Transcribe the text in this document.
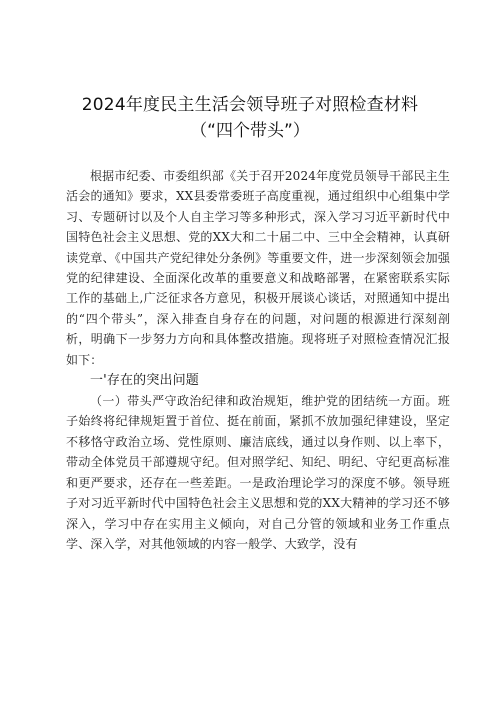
2024年度民主生活会领导班子对照检查材料
（“四个带头”）

根据市纪委、市委组织部《关于召开2024年度党员领导干部民主生活会的通知》要求，XX县委常委班子高度重视，通过组织中心组集中学习、专题研讨以及个人自主学习等多种形式，深入学习习近平新时代中国特色社会主义思想、党的XX大和二十届二中、三中全会精神，认真研读党章、《中国共产党纪律处分条例》等重要文件，进一步深刻领会加强党的纪律建设、全面深化改革的重要意义和战略部署，在紧密联系实际工作的基础上,广泛征求各方意见，积极开展谈心谈话，对照通知中提出的“四个带头”，深入排查自身存在的问题，对问题的根源进行深刻剖析，明确下一步努力方向和具体整改措施。现将班子对照检查情况汇报如下：

一'存在的突出问题

（一）带头严守政治纪律和政治规矩，维护党的团结统一方面。班子始终将纪律规矩置于首位、挺在前面，紧抓不放加强纪律建设，坚定不移恪守政治立场、党性原则、廉洁底线，通过以身作则、以上率下，带动全体党员干部遵规守纪。但对照学纪、知纪、明纪、守纪更高标准和更严要求，还存在一些差距。一是政治理论学习的深度不够。领导班子对习近平新时代中国特色社会主义思想和党的XX大精神的学习还不够深入，学习中存在实用主义倾向，对自己分管的领域和业务工作重点学、深入学，对其他领域的内容一般学、大致学，没有
